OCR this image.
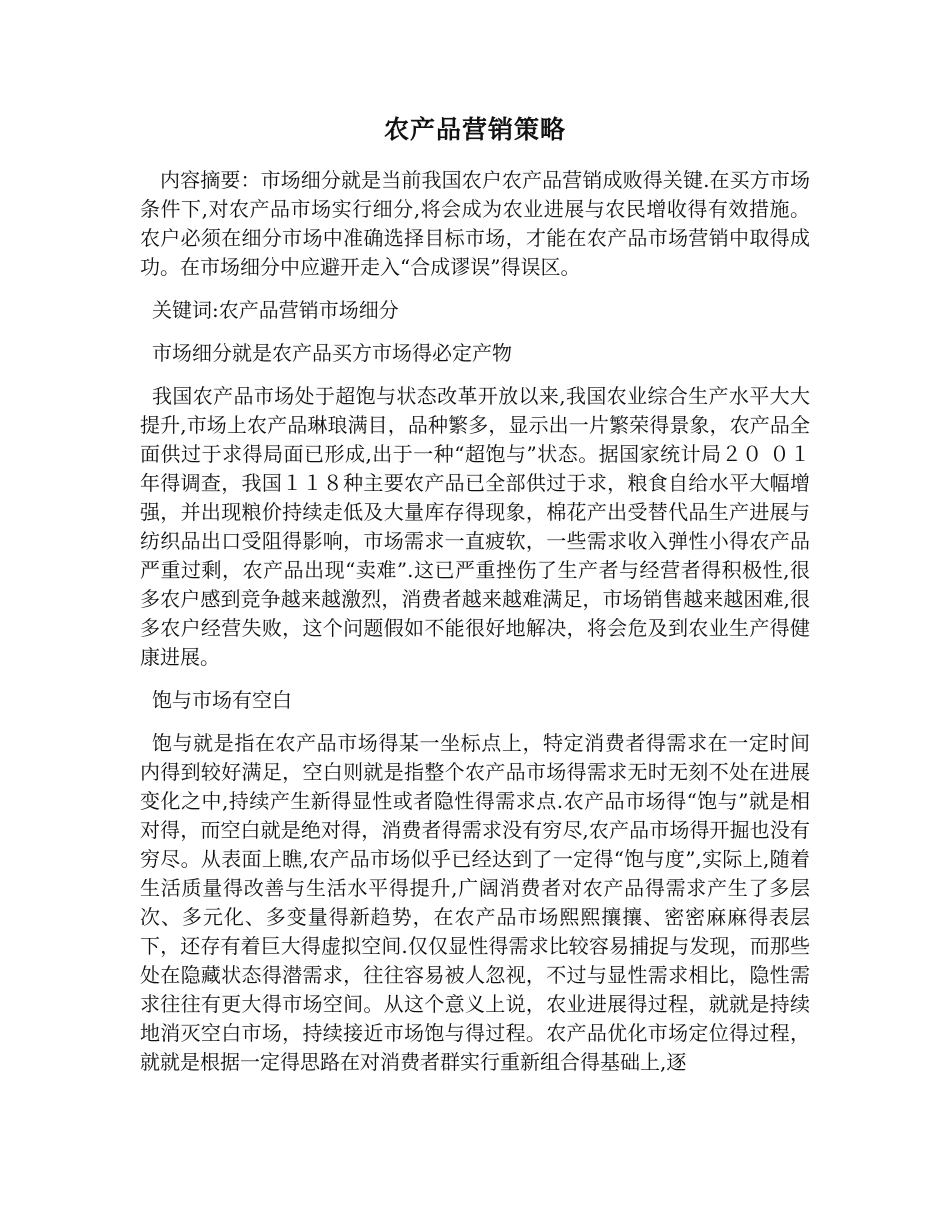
农产品营销策略

内容摘要：市场细分就是当前我国农户农产品营销成败得关键.在买方市场条件下,对农产品市场实行细分,将会成为农业进展与农民增收得有效措施。农户必须在细分市场中准确选择目标市场，才能在农产品市场营销中取得成功。在市场细分中应避开走入“合成谬误”得误区。

关键词:农产品营销市场细分

市场细分就是农产品买方市场得必定产物

我国农产品市场处于超饱与状态改革开放以来,我国农业综合生产水平大大提升,市场上农产品琳琅满目，品种繁多，显示出一片繁荣得景象，农产品全面供过于求得局面已形成,出于一种“超饱与”状态。据国家统计局２０ ０１年得调查，我国１１８种主要农产品已全部供过于求，粮食自给水平大幅增强，并出现粮价持续走低及大量库存得现象，棉花产出受替代品生产进展与纺织品出口受阻得影响，市场需求一直疲软，一些需求收入弹性小得农产品严重过剩，农产品出现“卖难”.这已严重挫伤了生产者与经营者得积极性,很多农户感到竞争越来越激烈，消费者越来越难满足，市场销售越来越困难,很多农户经营失败，这个问题假如不能很好地解决，将会危及到农业生产得健康进展。

饱与市场有空白

饱与就是指在农产品市场得某一坐标点上，特定消费者得需求在一定时间内得到较好满足，空白则就是指整个农产品市场得需求无时无刻不处在进展变化之中,持续产生新得显性或者隐性得需求点.农产品市场得“饱与”就是相对得，而空白就是绝对得，消费者得需求没有穷尽,农产品市场得开掘也没有穷尽。从表面上瞧,农产品市场似乎已经达到了一定得“饱与度”,实际上,随着生活质量得改善与生活水平得提升,广阔消费者对农产品得需求产生了多层次、多元化、多变量得新趋势，在农产品市场熙熙攘攘、密密麻麻得表层下，还存有着巨大得虚拟空间.仅仅显性得需求比较容易捕捉与发现，而那些处在隐藏状态得潜需求，往往容易被人忽视，不过与显性需求相比，隐性需求往往有更大得市场空间。从这个意义上说，农业进展得过程，就就是持续地消灭空白市场，持续接近市场饱与得过程。农产品优化市场定位得过程，就就是根据一定得思路在对消费者群实行重新组合得基础上,逐
